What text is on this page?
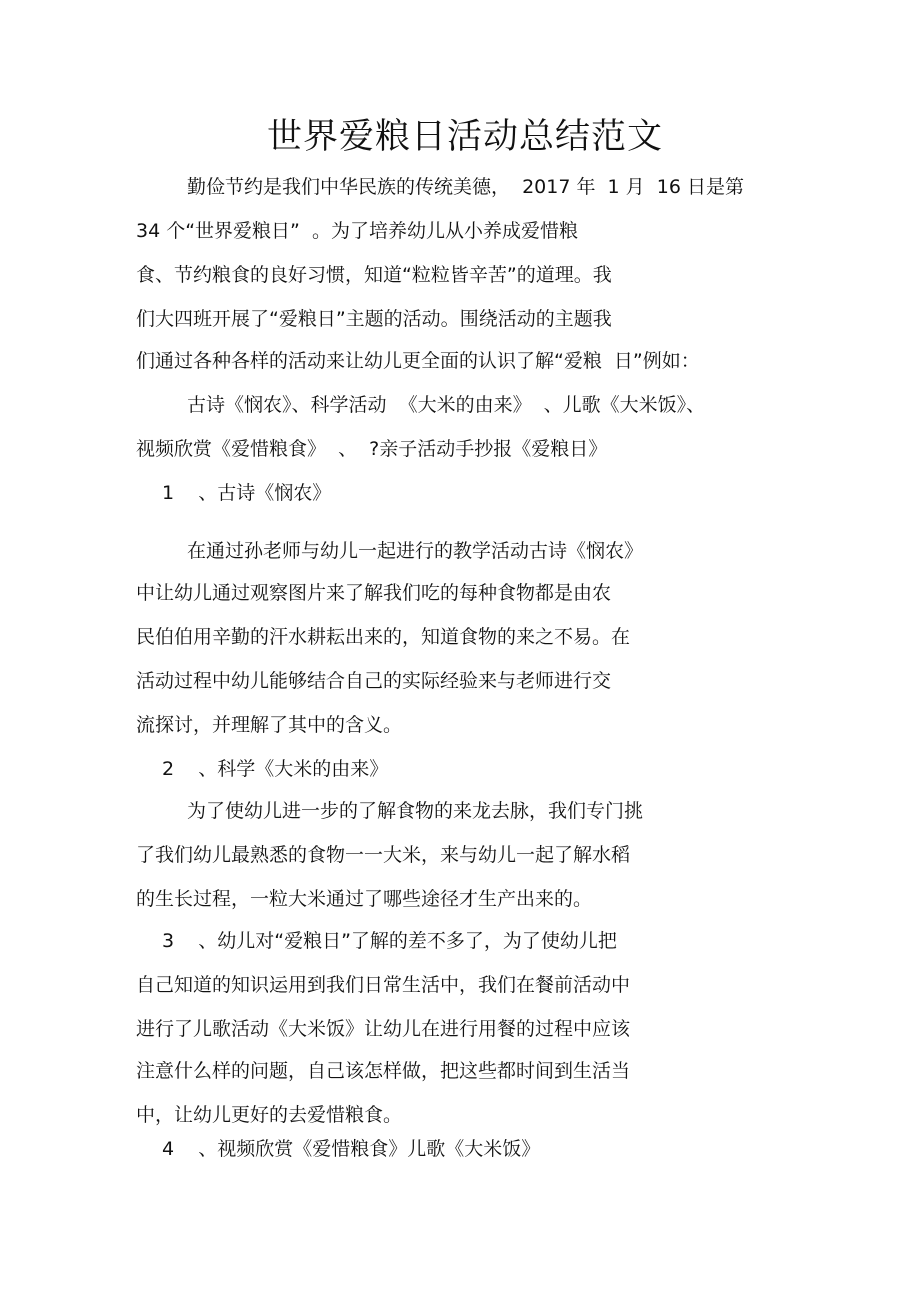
世界爱粮日活动总结范文

勤俭节约是我们中华民族的传统美德，  2017 年  1 月  16 日是第

34 个“世界爱粮日”  。为了培养幼儿从小养成爱惜粮

食、节约粮食的良好习惯，知道“粒粒皆辛苦”的道理。我

们大四班开展了“爱粮日”主题的活动。围绕活动的主题我

们通过各种各样的活动来让幼儿更全面的认识了解“爱粮  日”例如：

古诗《悯农》、科学活动  《大米的由来》  、儿歌《大米饭》、

视频欣赏《爱惜粮食》  、  ?亲子活动手抄报《爱粮日》

1    、古诗《悯农》

在通过孙老师与幼儿一起进行的教学活动古诗《悯农》

中让幼儿通过观察图片来了解我们吃的每种食物都是由农

民伯伯用辛勤的汗水耕耘出来的，知道食物的来之不易。在

活动过程中幼儿能够结合自己的实际经验来与老师进行交

流探讨，并理解了其中的含义。

2    、科学《大米的由来》

为了使幼儿进一步的了解食物的来龙去脉，我们专门挑

了我们幼儿最熟悉的食物一一大米，来与幼儿一起了解水稻

的生长过程，一粒大米通过了哪些途径才生产出来的。

3    、幼儿对“爱粮日”了解的差不多了，为了使幼儿把

自己知道的知识运用到我们日常生活中，我们在餐前活动中

进行了儿歌活动《大米饭》让幼儿在进行用餐的过程中应该

注意什么样的问题，自己该怎样做，把这些都时间到生活当

中，让幼儿更好的去爱惜粮食。

4    、视频欣赏《爱惜粮食》儿歌《大米饭》
